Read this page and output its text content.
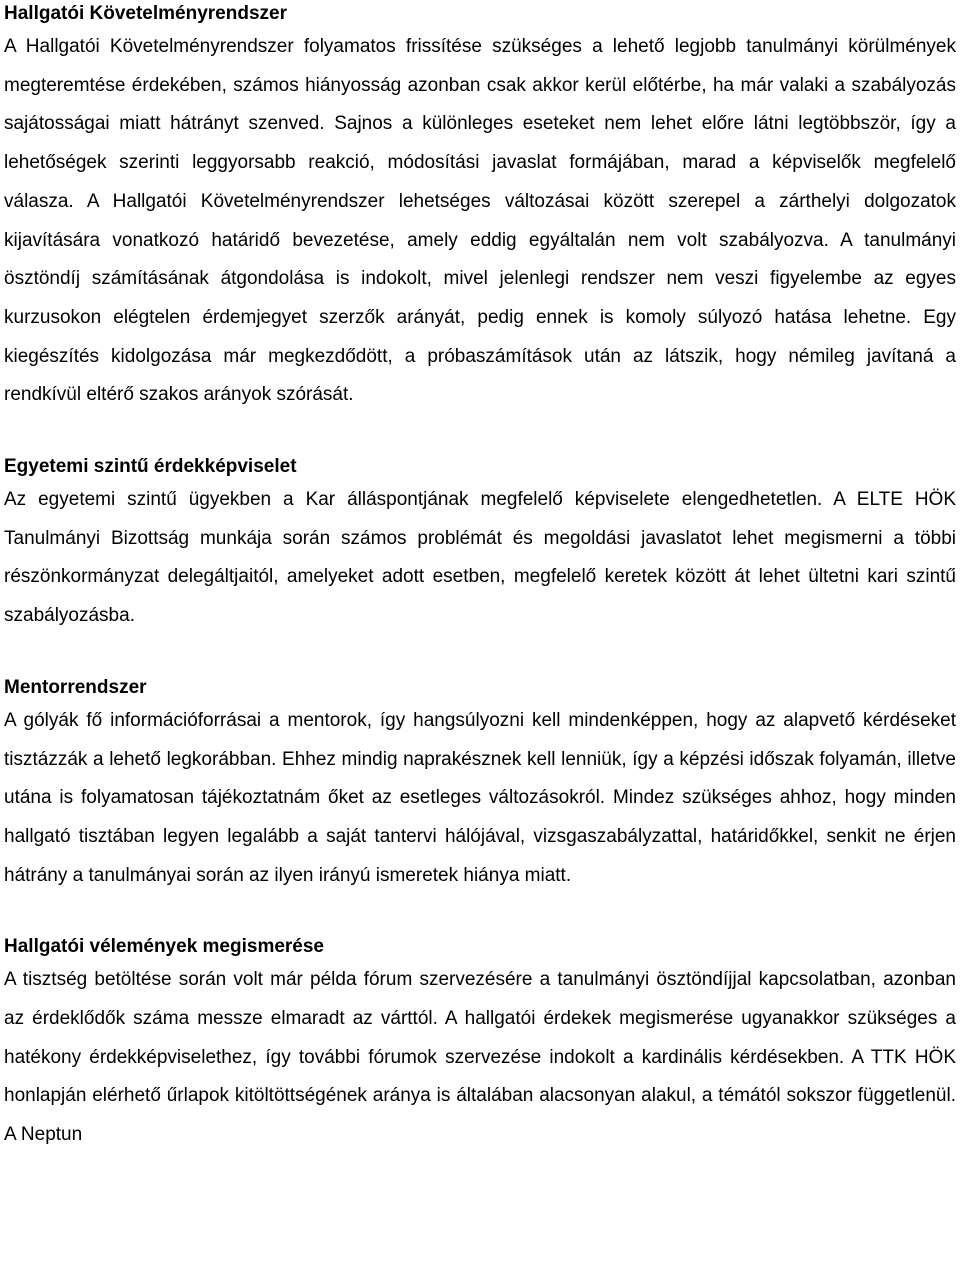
Hallgatói Követelményrendszer

A Hallgatói Követelményrendszer folyamatos frissítése szükséges a lehető legjobb tanulmányi körülmények megteremtése érdekében, számos hiányosság azonban csak akkor kerül előtérbe, ha már valaki a szabályozás sajátosságai miatt hátrányt szenved. Sajnos a különleges eseteket nem lehet előre látni legtöbbször, így a lehetőségek szerinti leggyorsabb reakció, módosítási javaslat formájában, marad a képviselők megfelelő válasza. A Hallgatói Követelményrendszer lehetséges változásai között szerepel a zárthelyi dolgozatok kijavítására vonatkozó határidő bevezetése, amely eddig egyáltalán nem volt szabályozva. A tanulmányi ösztöndíj számításának átgondolása is indokolt, mivel jelenlegi rendszer nem veszi figyelembe az egyes kurzusokon elégtelen érdemjegyet szerzők arányát, pedig ennek is komoly súlyozó hatása lehetne. Egy kiegészítés kidolgozása már megkezdődött, a próbaszámítások után az látszik, hogy némileg javítaná a rendkívül eltérő szakos arányok szórását.

Egyetemi szintű érdekképviselet

Az egyetemi szintű ügyekben a Kar álláspontjának megfelelő képviselete elengedhetetlen. A ELTE HÖK Tanulmányi Bizottság munkája során számos problémát és megoldási javaslatot lehet megismerni a többi részönkormányzat delegáltjaitól, amelyeket adott esetben, megfelelő keretek között át lehet ültetni kari szintű szabályozásba.

Mentorrendszer

A gólyák fő információforrásai a mentorok, így hangsúlyozni kell mindenképpen, hogy az alapvető kérdéseket tisztázzák a lehető legkorábban. Ehhez mindig naprakésznek kell lenniük, így a képzési időszak folyamán, illetve utána is folyamatosan tájékoztatnám őket az esetleges változásokról. Mindez szükséges ahhoz, hogy minden hallgató tisztában legyen legalább a saját tantervi hálójával, vizsgaszabályzattal, határidőkkel, senkit ne érjen hátrány a tanulmányai során az ilyen irányú ismeretek hiánya miatt.

Hallgatói vélemények megismerése

A tisztség betöltése során volt már példa fórum szervezésére a tanulmányi ösztöndíjjal kapcsolatban, azonban az érdeklődők száma messze elmaradt az várttól. A hallgatói érdekek megismerése ugyanakkor szükséges a hatékony érdekképviselethez, így további fórumok szervezése indokolt a kardinális kérdésekben. A TTK HÖK honlapján elérhető űrlapok kitöltöttségének aránya is általában alacsonyan alakul, a témától sokszor függetlenül. A Neptun
